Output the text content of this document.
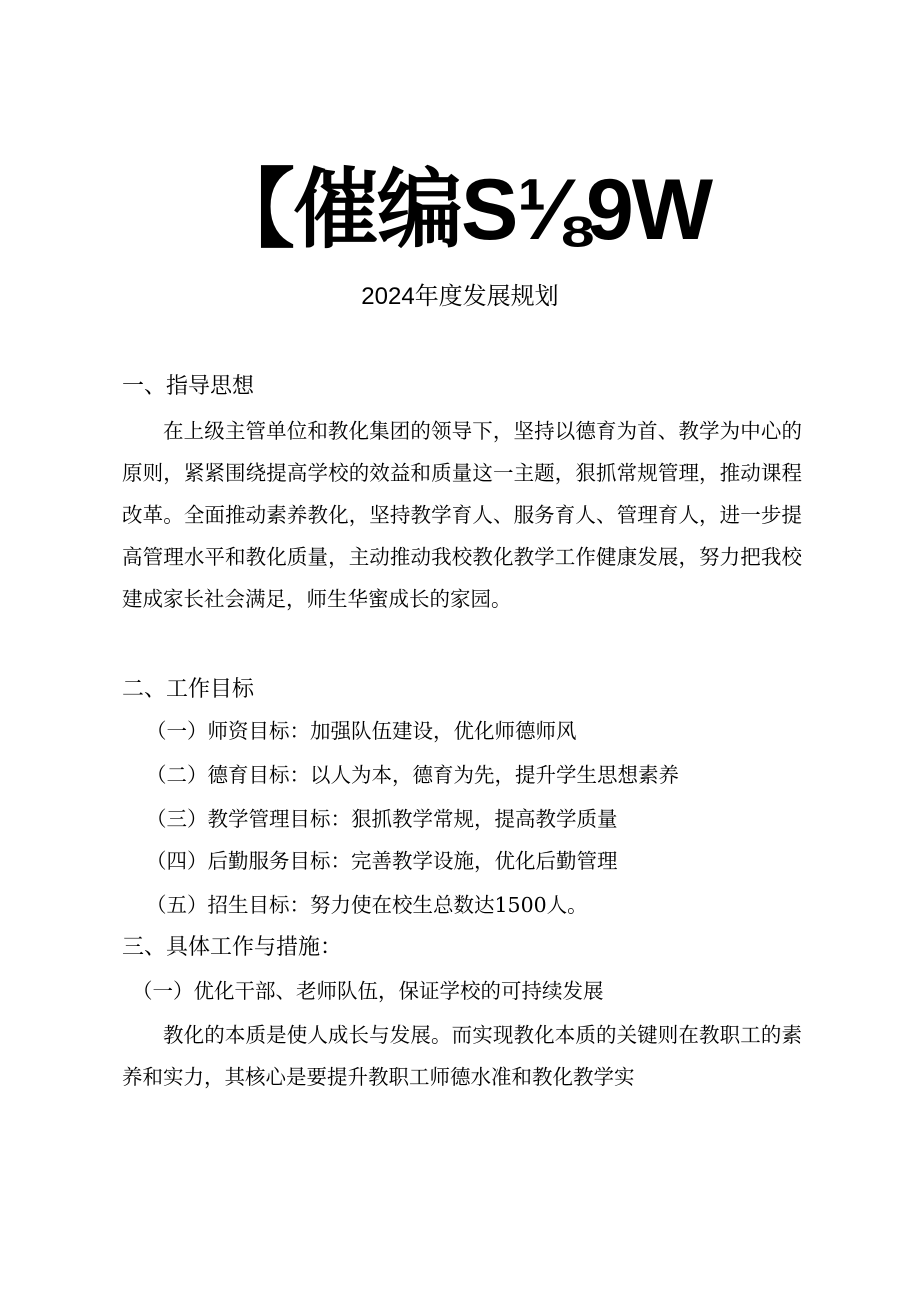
【催编S⅛9W
2024年度发展规划
一、指导思想
在上级主管单位和教化集团的领导下，坚持以德育为首、教学为中心的原则，紧紧围绕提高学校的效益和质量这一主题，狠抓常规管理，推动课程改革。全面推动素养教化，坚持教学育人、服务育人、管理育人，进一步提高管理水平和教化质量，主动推动我校教化教学工作健康发展，努力把我校建成家长社会满足，师生华蜜成长的家园。
二、工作目标
（一）师资目标：加强队伍建设，优化师德师风
（二）德育目标：以人为本，德育为先，提升学生思想素养
（三）教学管理目标：狠抓教学常规，提高教学质量
（四）后勤服务目标：完善教学设施，优化后勤管理
（五）招生目标：努力使在校生总数达1500人。
三、具体工作与措施：
（一）优化干部、老师队伍，保证学校的可持续发展
教化的本质是使人成长与发展。而实现教化本质的关键则在教职工的素养和实力，其核心是要提升教职工师德水准和教化教学实
